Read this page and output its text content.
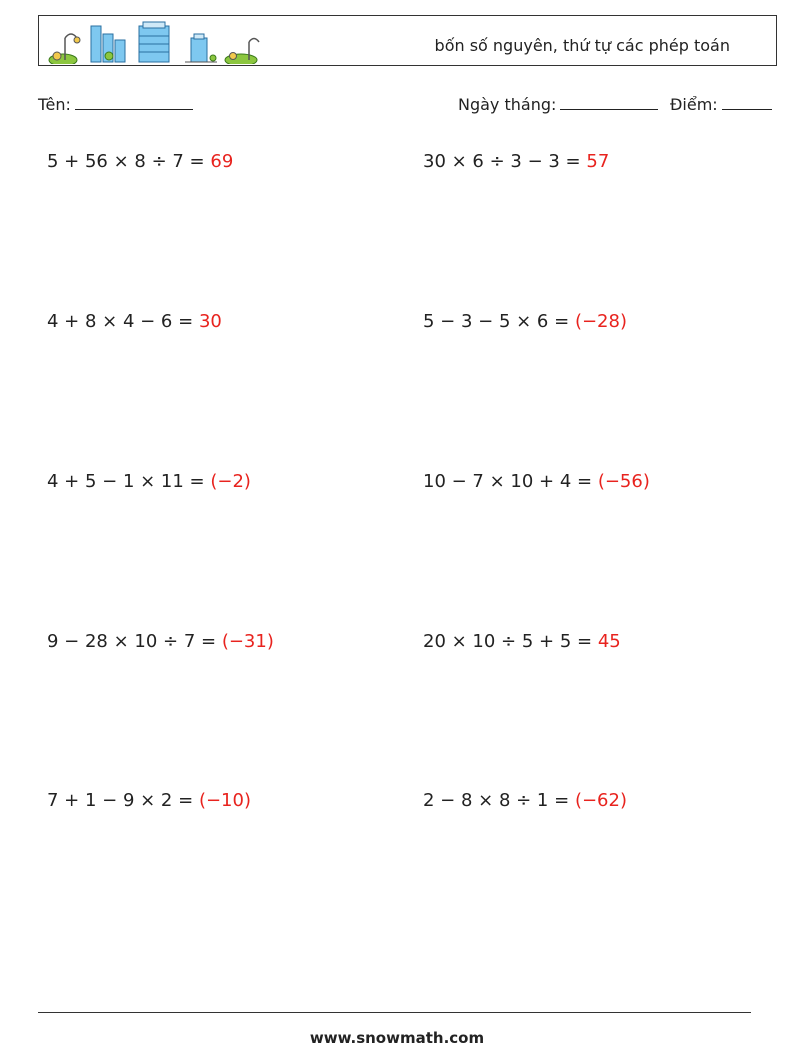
bốn số nguyên, thứ tự các phép toán
Tên:	Ngày tháng:	Điểm:
5 + 56 × 8 ÷ 7 = 69	30 × 6 ÷ 3 − 3 = 57
4 + 8 × 4 − 6 = 30	5 − 3 − 5 × 6 = (−28)
4 + 5 − 1 × 11 = (−2)	10 − 7 × 10 + 4 = (−56)
9 − 28 × 10 ÷ 7 = (−31)	20 × 10 ÷ 5 + 5 = 45
7 + 1 − 9 × 2 = (−10)	2 − 8 × 8 ÷ 1 = (−62)
www.snowmath.com
